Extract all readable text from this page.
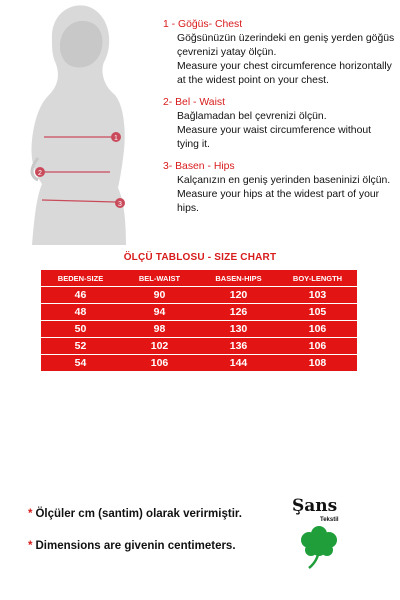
1
2
3
1 - Göğüs- Chest
Göğsünüzün üzerindeki en geniş yerden göğüs çevrenizi yatay ölçün.
Measure your chest circumference horizontally at the widest point on your chest.
2- Bel - Waist
Bağlamadan bel çevrenizi ölçün.
Measure your waist circumference without tying it.
3- Basen - Hips
Kalçanızın en geniş yerinden baseninizi ölçün.
Measure your hips at the widest part of your hips.
ÖLÇÜ TABLOSU - SIZE CHART
BEDEN-SIZE	BEL-WAIST	BASEN-HIPS	BOY-LENGTH
46	90	120	103
48	94	126	105
50	98	130	106
52	102	136	106
54	106	144	108
* Ölçüler cm (santim) olarak verirmiştir.
* Dimensions are givenin centimeters.
Şans
Tekstil
